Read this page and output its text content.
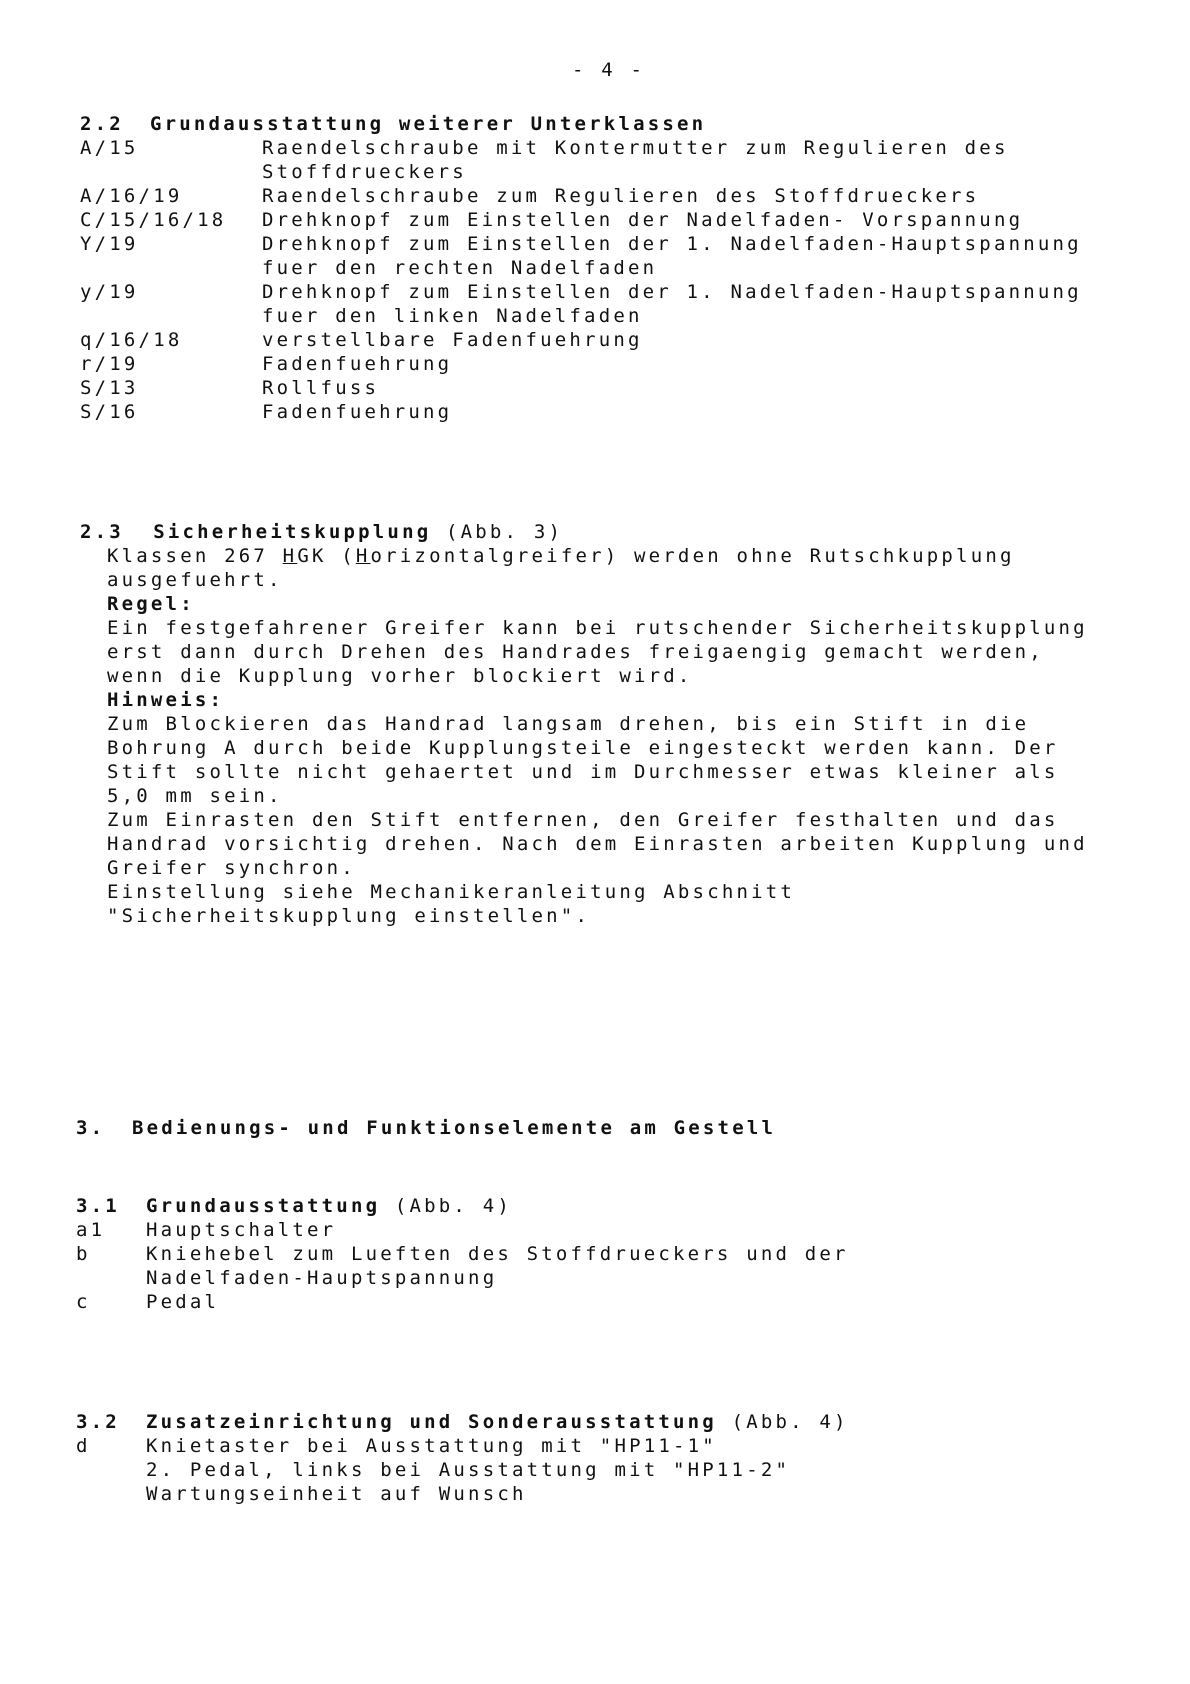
- 4 -
2.2 Grundausstattung weiterer Unterklassen
A/15	Raendelschraube mit Kontermutter zum Regulieren des
Stoffdrueckers
A/16/19	Raendelschraube zum Regulieren des Stoffdrueckers
C/15/16/18 Drehknopf zum Einstellen der Nadelfaden- Vorspannung
Y/19	Drehknopf zum Einstellen der 1. Nadelfaden-Hauptspannung
fuer den rechten Nadelfaden
y/19	Drehknopf zum Einstellen der 1. Nadelfaden-Hauptspannung
fuer den linken Nadelfaden
q/16/18	verstellbare Fadenfuehrung
r/19	Fadenfuehrung
S/13	Rollfuss
S/16	Fadenfuehrung
2.3 Sicherheitskupplung (Abb. 3)
Klassen 267 HGK (Horizontalgreifer) werden ohne Rutschkupplung
ausgefuehrt.
Regel:
Ein festgefahrener Greifer kann bei rutschender Sicherheitskupplung
erst dann durch Drehen des Handrades freigaengig gemacht werden,
wenn die Kupplung vorher blockiert wird.
Hinweis:
Zum Blockieren das Handrad langsam drehen, bis ein Stift in die
Bohrung A durch beide Kupplungsteile eingesteckt werden kann. Der
Stift sollte nicht gehaertet und im Durchmesser etwas kleiner als
5,0 mm sein.
Zum Einrasten den Stift entfernen, den Greifer festhalten und das
Handrad vorsichtig drehen. Nach dem Einrasten arbeiten Kupplung und
Greifer synchron.
Einstellung siehe Mechanikeranleitung Abschnitt
"Sicherheitskupplung einstellen".
3. Bedienungs- und Funktionselemente am Gestell
3.1 Grundausstattung (Abb. 4)
a1 Hauptschalter
b	Kniehebel zum Lueften des Stoffdrueckers und der
Nadelfaden-Hauptspannung
c	Pedal
3.2 Zusatzeinrichtung und Sonderausstattung (Abb. 4)
d	Knietaster bei Ausstattung mit "HP11-1"
2. Pedal, links bei Ausstattung mit "HP11-2"
Wartungseinheit auf Wunsch
